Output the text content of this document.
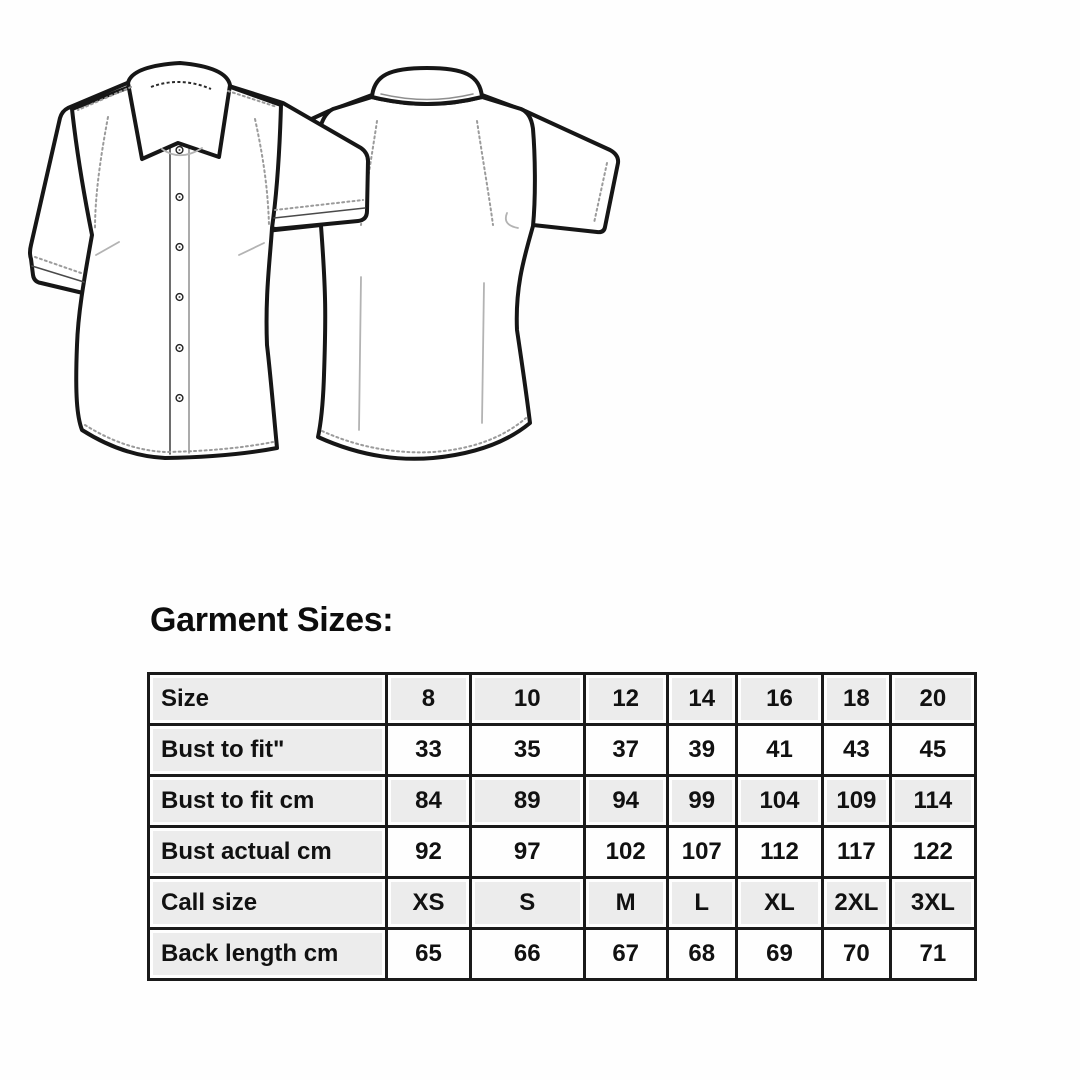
Garment Sizes:
Size	8	10	12	14	16	18	20

Bust to fit"	33	35	37	39	41	43	45

Bust to fit cm	84	89	94	99	104	109	114

Bust actual cm	92	97	102	107	112	117	122

Call size	XS	S	M	L	XL	2XL	3XL

Back length cm	65	66	67	68	69	70	71
